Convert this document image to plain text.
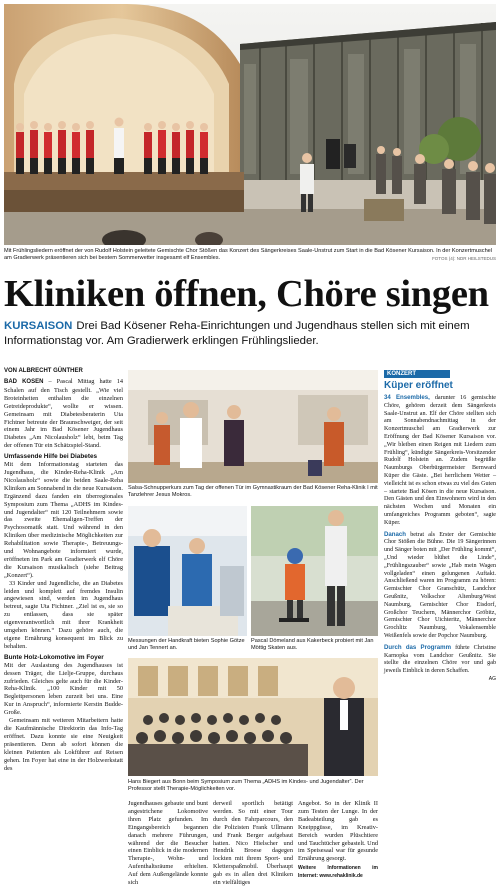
Mit Frühlingsliedern eröffnet der von Rudolf Holstein geleitete Gemischte Chor Stößen das Konzert des Sängerkreises Saale-Unstrut zum Start in die Bad Kösener Kursaison. In der Konzertmuschel am Gradierwerk präsentieren sich bei bestem Sommerwetter insgesamt elf Ensembles.	FOTOS (4): NDR HEILSTEDUS
Kliniken öffnen, Chöre singen
KURSAISON Drei Bad Kösener Reha-Einrichtungen und Jugendhaus stellen sich mit einem Informationstag vor. Am Gradierwerk erklingen Frühlingslieder.
VON ALBRECHT GÜNTHER

BAD KÖSEN – Pascal Mittag hatte 14 Schalen auf den Tisch gestellt. „Wie viel Broteinheiten enthalten die einzelnen Getreideprodukte“, wollte er wissen. Gemeinsam mit Diabetesberaterin Uta Fichtner betreute der Braunschweiger, der seit einem Jahr im Bad Kösener Jugendhaus Diabetes „Am Nicolausholz“ lebt, beim Tag der offenen Tür ein Schätzspiel-Stand.

Umfassende Hilfe bei Diabetes

Mit dem Informationstag starteten das Jugendhaus, die Kinder-Reha-Klinik „Am Nicolausholz“ sowie die beiden Saale-Reha Kliniken am Sonnabend in die neue Kursaison. Ergänzend dazu fanden ein überregionales Symposium zum Thema „ADHS im Kindes- und Jugendalter“ mit 120 Teilnehmern sowie das zweite Ehemaligen-Treffen der Psychosomatik statt. Und während in den Kliniken über medizinische Möglichkeiten zur Rehabilitation sowie Therapie-, Betreuungs- und Wohnangebote informiert wurde, eröffneten im Park am Gradierwerk elf Chöre die Kursaison musikalisch (siehe Beitrag „Konzert“).

33 Kinder und Jugendliche, die an Diabetes leiden und komplett auf fremdes Insulin angewiesen sind, werden im Jugendhaus betreut, sagte Uta Fichtner. „Ziel ist es, sie so zu entlassen, dass sie später eigenverantwortlich mit ihrer Krankheit umgehen können.“ Dazu gehöre auch, die eigene Ernährung konsequent im Blick zu behalten.

Bunte Holz-Lokomotive im Foyer

Mit der Auslastung des Jugendhauses ist dessen Träger, die Lielje-Gruppe, durchaus zufrieden. Gleiches gelte auch für die Kinder-Reha-Klinik. „100 Kinder mit 50 Begleitpersonen leben zurzeit bei uns. Eine Kur in Anspruch“, informierte Kerstin Budde-Große.

Gemeinsam mit weiteren Mitarbeitern hatte die Kaufmännische Direktorin das Info-Tag eröffnet. Dazu konnte sie eine Neuigkeit präsentieren. Denn ab sofort können die kleinen Patienten als Lokführer auf Reisen gehen. Im Foyer hat eine in der Holzwerkstatt des

Salsa-Schnupperkurs zum Tag der offenen Tür im Gymnastikraum der Bad Kösener Reha-Klinik I mit Tanzlehrer Jesus Mokros.
Messungen der Handkraft bieten Sophie Götze und Jan Tennert an.
Pascal Dömeland aus Kakerbeck probiert mit Jan Möttig Skaten aus.
Hans Biegert aus Bonn beim Symposium zum Thema „ADHS im Kindes- und Jugendalter“. Der Professor stellt Therapie-Möglichkeiten vor.
Jugendhauses gebaute und bunt angestrichene Lokomotive ihren Platz gefunden. Im Eingangsbereich begannen danach mehrere Führungen, während der die Besucher einen Einblick in die modernen Therapie-, Wohn- und Aufenthaltsräume erhielten. Auf dem Außengelände konnte sich
derweil sportlich betätigt werden. So mit einer Tour durch den Fahrparcours, den die Polizisten Frank Ullmann und Frank Berger aufgebaut hatten. Nico Hielscher und Hendrik Broese dagegen lockten mit ihrem Sport- und Kletterspaßmobil. Überhaupt gab es in allen drei Kliniken ein vielfältiges
Angebot. So in der Klinik II zum Testen der Lunge. In der Badeabteilung gab es Kneippgüsse, im Kreativ-Bereich wurden Plüschtiere und Tauchtücher gebastelt. Und im Speisesaal war für gesunde Ernährung gesorgt.
Weitere Informationen im Internet: www.rehaklinik.de
KONZERT
Küper eröffnet

34 Ensembles, darunter 16 gemischte Chöre, gehören derzeit dem Sängerkreis Saale-Unstrut an. Elf der Chöre stellten sich am Sonnabendnachmittag in der Konzertmuschel am Gradierwerk zur Eröffnung der Bad Kösener Kursaison vor. „Wir bleiben einen Reigen mit Liedern zum Frühling“, kündigte Sängerkreis-Vorsitzender Rudolf Holstein an. Zudem begrüßte Naumburgs Oberbürgermeister Bernward Küper die Gäste. „Bei herrlichem Wetter – vielleicht ist es schon etwas zu viel des Guten – startete Bad Kösen in die neue Kursaison. Den Gästen und den Einwohnern wird in den nächsten Wochen und Monaten ein umfangreiches Programm geboten“, sagte Küper.

Danach betrat als Erster der Gemischte Chor Stößen die Bühne. Die 19 Sängerinnen und Sänger boten mit „Der Frühling kommt“, „Und wieder blühet die Linde“, „Frühlingszauber“ sowie „Hab mein Wagen vollgeladen“ einen gelungenen Auftakt. Anschließend waren im Programm zu hören: Gemischter Chor Granschütz, Landchor Geußnitz, Volkschor Altenburg/West Naumburg, Gemischter Chor Eisdorf, Großchor Teuchern, Männerchor Gröbitz, Gemischter Chor Uichteritz, Männerchor Grochlitz Naumburg, Vokalensemble Weißenfels sowie der Popchor Naumburg.

Durch das Programm führte Christine Karnopka vom Landchor Geußnitz. Sie stellte die einzelnen Chöre vor und gab jeweils Einblick in deren Schaffen.

AG
